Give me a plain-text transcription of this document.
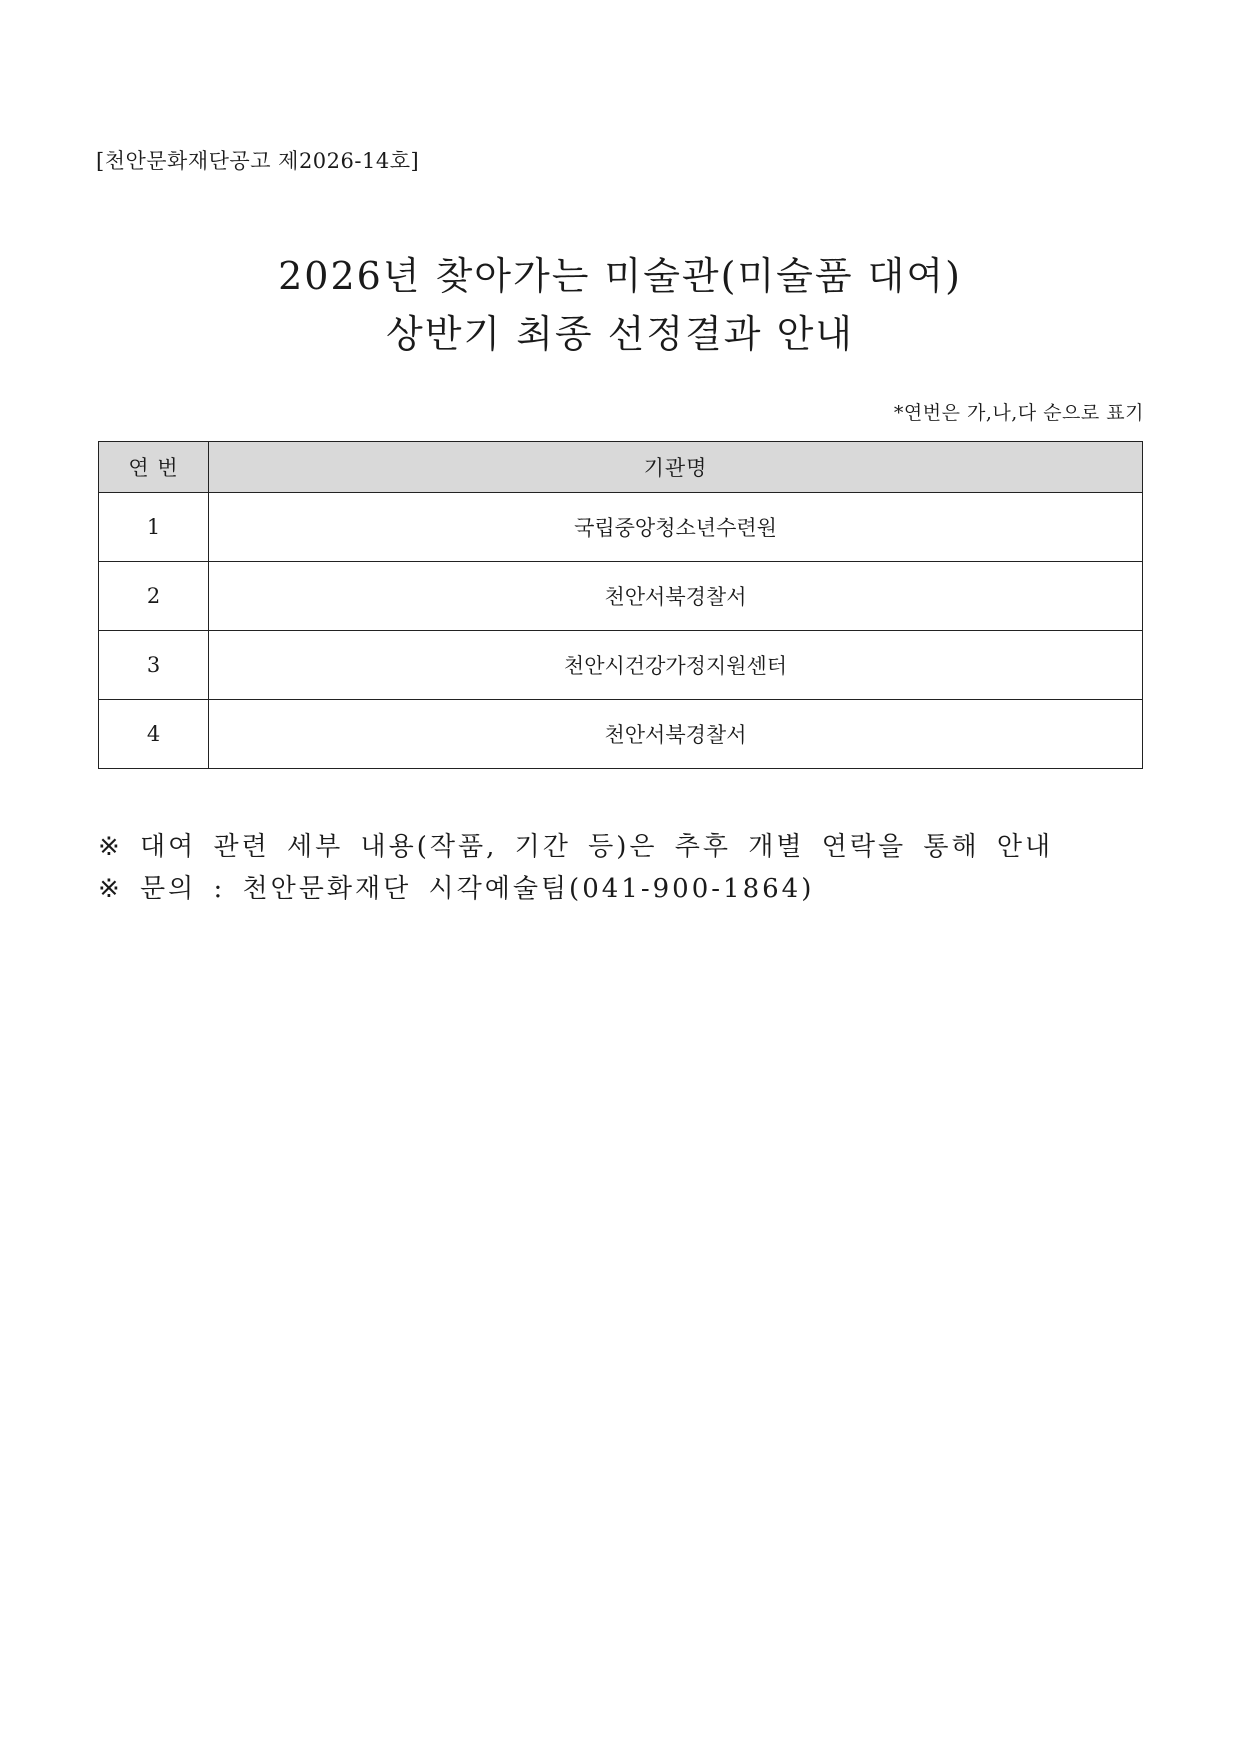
[천안문화재단공고 제2026-14호]
2026년 찾아가는 미술관(미술품 대여)
상반기 최종 선정결과 안내
*연번은 가,나,다 순으로 표기
연 번	기관명
1	국립중앙청소년수련원
2	천안서북경찰서
3	천안시건강가정지원센터
4	천안서북경찰서
※ 대여 관련 세부 내용(작품, 기간 등)은 추후 개별 연락을 통해 안내
※ 문의 : 천안문화재단 시각예술팀(041-900-1864)
